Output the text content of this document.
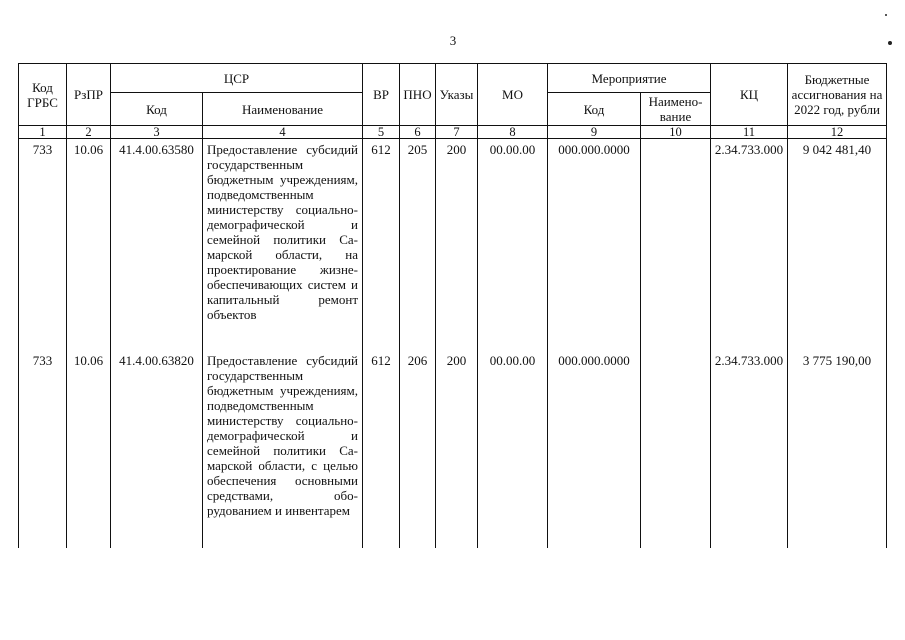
3
Код ГРБС	РзПР	ЦСР		ВР	ПНО	Указы	МО	Мероприятие		КЦ	Бюджетные ассигнования на 2022 год, рубли
		Код	Наименование					Код	Наимено-вание		
1	2	3	4	5	6	7	8	9	10	11	12
733	10.06	41.4.00.63580	Предоставление субсидий государственным бюджетным учреждениям, подведомственным министерству социально-демографической и семейной политики Самарской области, на проектирование жизнеобеспечивающих систем и капитальный ремонт объектов	612	205	200	00.00.00	000.000.0000		2.34.733.000	9 042 481,40
733	10.06	41.4.00.63820	Предоставление субсидий государственным бюджетным учреждениям, подведомственным министерству социально-демографической и семейной политики Самарской области, с целью обеспечения основными средствами, оборудованием и инвентарем	612	206	200	00.00.00	000.000.0000		2.34.733.000	3 775 190,00
